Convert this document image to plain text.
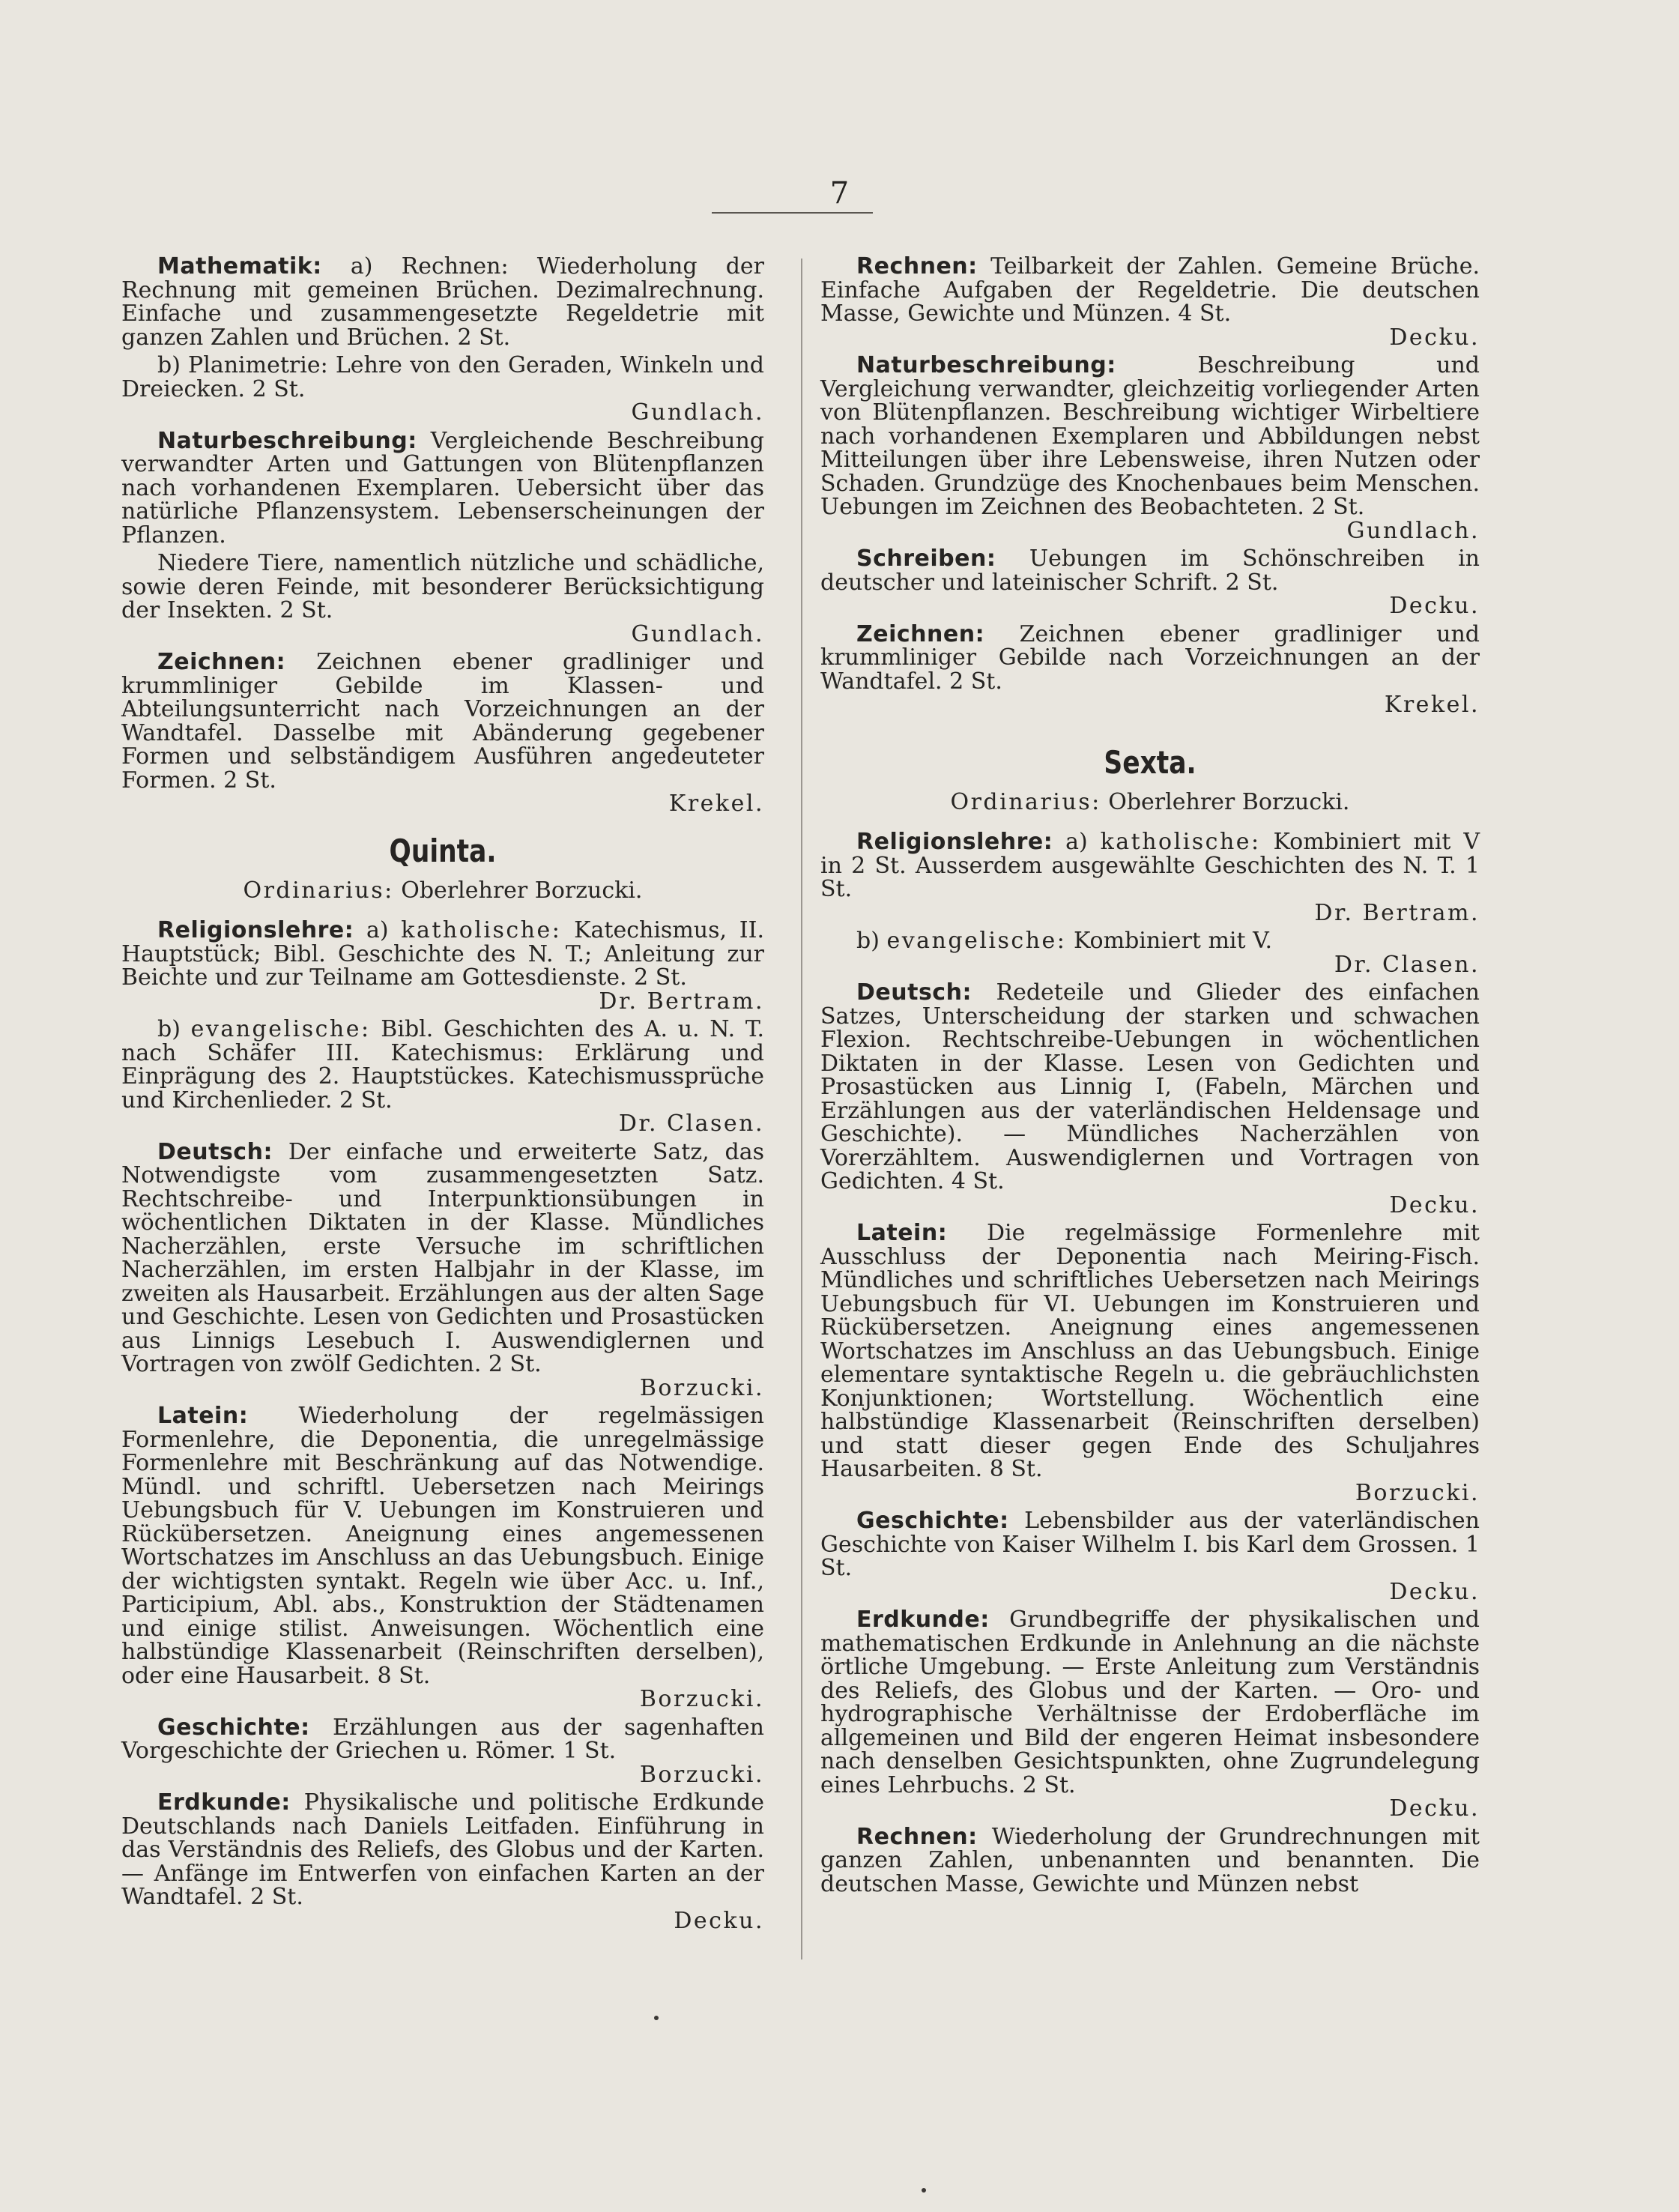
7

Mathematik: a) Rechnen: Wiederholung der Rechnung mit gemeinen Brüchen. Dezimalrechnung. Einfache und zusammengesetzte Regeldetrie mit ganzen Zahlen und Brüchen. 2 St.

b) Planimetrie: Lehre von den Geraden, Winkeln und Dreiecken. 2 St.
Gundlach.

Naturbeschreibung: Vergleichende Beschreibung verwandter Arten und Gattungen von Blütenpflanzen nach vorhandenen Exemplaren. Uebersicht über das natürliche Pflanzensystem. Lebenserscheinungen der Pflanzen.

Niedere Tiere, namentlich nützliche und schädliche, sowie deren Feinde, mit besonderer Berücksichtigung der Insekten. 2 St.
Gundlach.

Zeichnen: Zeichnen ebener gradliniger und krummliniger Gebilde im Klassen- und Abteilungsunterricht nach Vorzeichnungen an der Wandtafel. Dasselbe mit Abänderung gegebener Formen und selbständigem Ausführen angedeuteter Formen. 2 St.
Krekel.

Quinta.
Ordinarius: Oberlehrer Borzucki.

Religionslehre: a) katholische: Katechismus, II. Hauptstück; Bibl. Geschichte des N. T.; Anleitung zur Beichte und zur Teilname am Gottesdienste. 2 St.
Dr. Bertram.

b) evangelische: Bibl. Geschichten des A. u. N. T. nach Schäfer III. Katechismus: Erklärung und Einprägung des 2. Hauptstückes. Katechismussprüche und Kirchenlieder. 2 St.
Dr. Clasen.

Deutsch: Der einfache und erweiterte Satz, das Notwendigste vom zusammengesetzten Satz. Rechtschreibe- und Interpunktionsübungen in wöchentlichen Diktaten in der Klasse. Mündliches Nacherzählen, erste Versuche im schriftlichen Nacherzählen, im ersten Halbjahr in der Klasse, im zweiten als Hausarbeit. Erzählungen aus der alten Sage und Geschichte. Lesen von Gedichten und Prosastücken aus Linnigs Lesebuch I. Auswendiglernen und Vortragen von zwölf Gedichten. 2 St.
Borzucki.

Latein: Wiederholung der regelmässigen Formenlehre, die Deponentia, die unregelmässige Formenlehre mit Beschränkung auf das Notwendige. Mündl. und schriftl. Uebersetzen nach Meirings Uebungsbuch für V. Uebungen im Konstruieren und Rückübersetzen. Aneignung eines angemessenen Wortschatzes im Anschluss an das Uebungsbuch. Einige der wichtigsten syntakt. Regeln wie über Acc. u. Inf., Participium, Abl. abs., Konstruktion der Städtenamen und einige stilist. Anweisungen. Wöchentlich eine halbstündige Klassenarbeit (Reinschriften derselben), oder eine Hausarbeit. 8 St.
Borzucki.

Geschichte: Erzählungen aus der sagenhaften Vorgeschichte der Griechen u. Römer. 1 St.
Borzucki.

Erdkunde: Physikalische und politische Erdkunde Deutschlands nach Daniels Leitfaden. Einführung in das Verständnis des Reliefs, des Globus und der Karten. — Anfänge im Entwerfen von einfachen Karten an der Wandtafel. 2 St.
Decku.

Rechnen: Teilbarkeit der Zahlen. Gemeine Brüche. Einfache Aufgaben der Regeldetrie. Die deutschen Masse, Gewichte und Münzen. 4 St.
Decku.

Naturbeschreibung:	Beschreibung und Vergleichung verwandter, gleichzeitig vorliegender Arten von Blütenpflanzen. Beschreibung wichtiger Wirbeltiere nach vorhandenen Exemplaren und Abbildungen nebst Mitteilungen über ihre Lebensweise, ihren Nutzen oder Schaden. Grundzüge des Knochenbaues beim Menschen. Uebungen im Zeichnen des Beobachteten. 2 St.
Gundlach.

Schreiben: Uebungen im Schönschreiben in deutscher und lateinischer Schrift. 2 St.
Decku.

Zeichnen: Zeichnen ebener gradliniger und krummliniger Gebilde nach Vorzeichnungen an der Wandtafel. 2 St.
Krekel.

Sexta.
Ordinarius: Oberlehrer Borzucki.

Religionslehre: a) katholische: Kombiniert mit V in 2 St. Ausserdem ausgewählte Geschichten des N. T. 1 St.
Dr. Bertram.

b) evangelische: Kombiniert mit V.
Dr. Clasen.

Deutsch: Redeteile und Glieder des einfachen Satzes, Unterscheidung der starken und schwachen Flexion. Rechtschreibe-Uebungen in wöchentlichen Diktaten in der Klasse. Lesen von Gedichten und Prosastücken aus Linnig I, (Fabeln, Märchen und Erzählungen aus der vaterländischen Heldensage und Geschichte). — Mündliches Nacherzählen von Vorerzähltem. Auswendiglernen und Vortragen von Gedichten. 4 St.
Decku.

Latein: Die regelmässige Formenlehre mit Ausschluss der Deponentia nach Meiring-Fisch. Mündliches und schriftliches Uebersetzen nach Meirings Uebungsbuch für VI. Uebungen im Konstruieren und Rückübersetzen. Aneignung eines angemessenen Wortschatzes im Anschluss an das Uebungsbuch. Einige elementare syntaktische Regeln u. die gebräuchlichsten Konjunktionen; Wortstellung. Wöchentlich eine halbstündige Klassenarbeit (Reinschriften derselben) und statt dieser gegen Ende des Schuljahres Hausarbeiten. 8 St.
Borzucki.

Geschichte: Lebensbilder aus der vaterländischen Geschichte von Kaiser Wilhelm I. bis Karl dem Grossen. 1 St.
Decku.

Erdkunde: Grundbegriffe der physikalischen und mathematischen Erdkunde in Anlehnung an die nächste örtliche Umgebung. — Erste Anleitung zum Verständnis des Reliefs, des Globus und der Karten. — Oro- und hydrographische Verhältnisse der Erdoberfläche im allgemeinen und Bild der engeren Heimat insbesondere nach denselben Gesichtspunkten, ohne Zugrundelegung eines Lehrbuchs. 2 St.
Decku.

Rechnen: Wiederholung der Grundrechnungen mit ganzen Zahlen, unbenannten und benannten. Die deutschen Masse, Gewichte und Münzen nebst
